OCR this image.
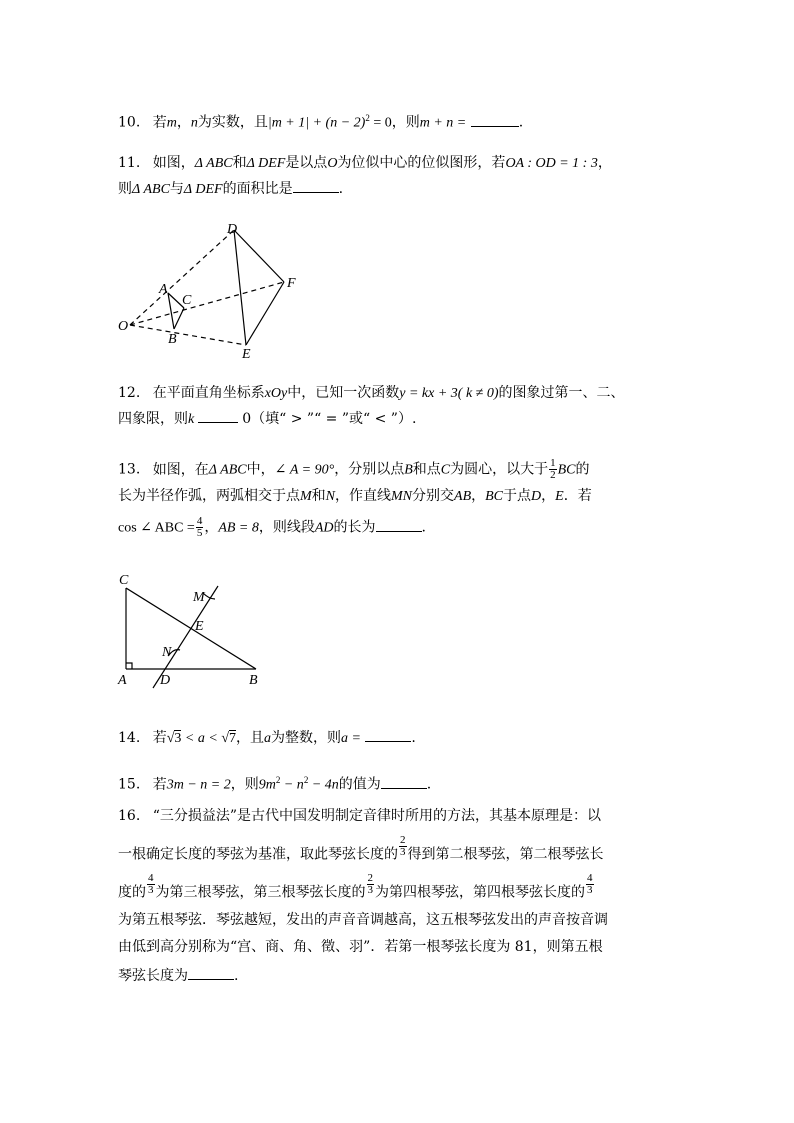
10. 若m，n为实数，且$|m + 1| + (n - 2)^2 = 0$，则m + n =	.
11. 如图，Δ ABC和Δ DEF是以点O为位似中心的位似图形，若OA : OD = 1 : 3，
则Δ ABC与Δ DEF的面积比是	.
D
A
C
F
O
B
E
12. 在平面直角坐标系xOy中，已知一次函数y = kx + 3( k ≠ 0)的图象过第一、二、
四象限，则k	0（填“ > ”“ = ”或“ < ”）.
13. 如图，在Δ ABC中，∠ A = 90°，分别以点B和点C为圆心，以大于 $\frac{1}{2}$ BC的
长为半径作弧，两弧相交于点M和N，作直线MN分别交AB，BC于点D，E．若
cos ∠ ABC = $\frac{4}{5}$ ，AB = 8，则线段AD的长为	.
C
M
E
N
A D	B
14. 若√3 < a < √7，且a为整数，则a =	.
15. 若3m − n = 2，则$9m^2 - n^2 - 4n$的值为	.
16. “三分损益法”是古代中国发明制定音律时所用的方法，其基本原理是：以
一根确定长度的琴弦为基准，取此琴弦长度的 $\frac{2}{3}$ 得到第二根琴弦，第二根琴弦长
度的 $\frac{4}{3}$ 为第三根琴弦，第三根琴弦长度的 $\frac{2}{3}$ 为第四根琴弦，第四根琴弦长度的 $\frac{4}{3}$
为第五根琴弦．琴弦越短，发出的声音音调越高，这五根琴弦发出的声音按音调
由低到高分别称为“宫、商、角、徵、羽”．若第一根琴弦长度为 81，则第五根
琴弦长度为	.
